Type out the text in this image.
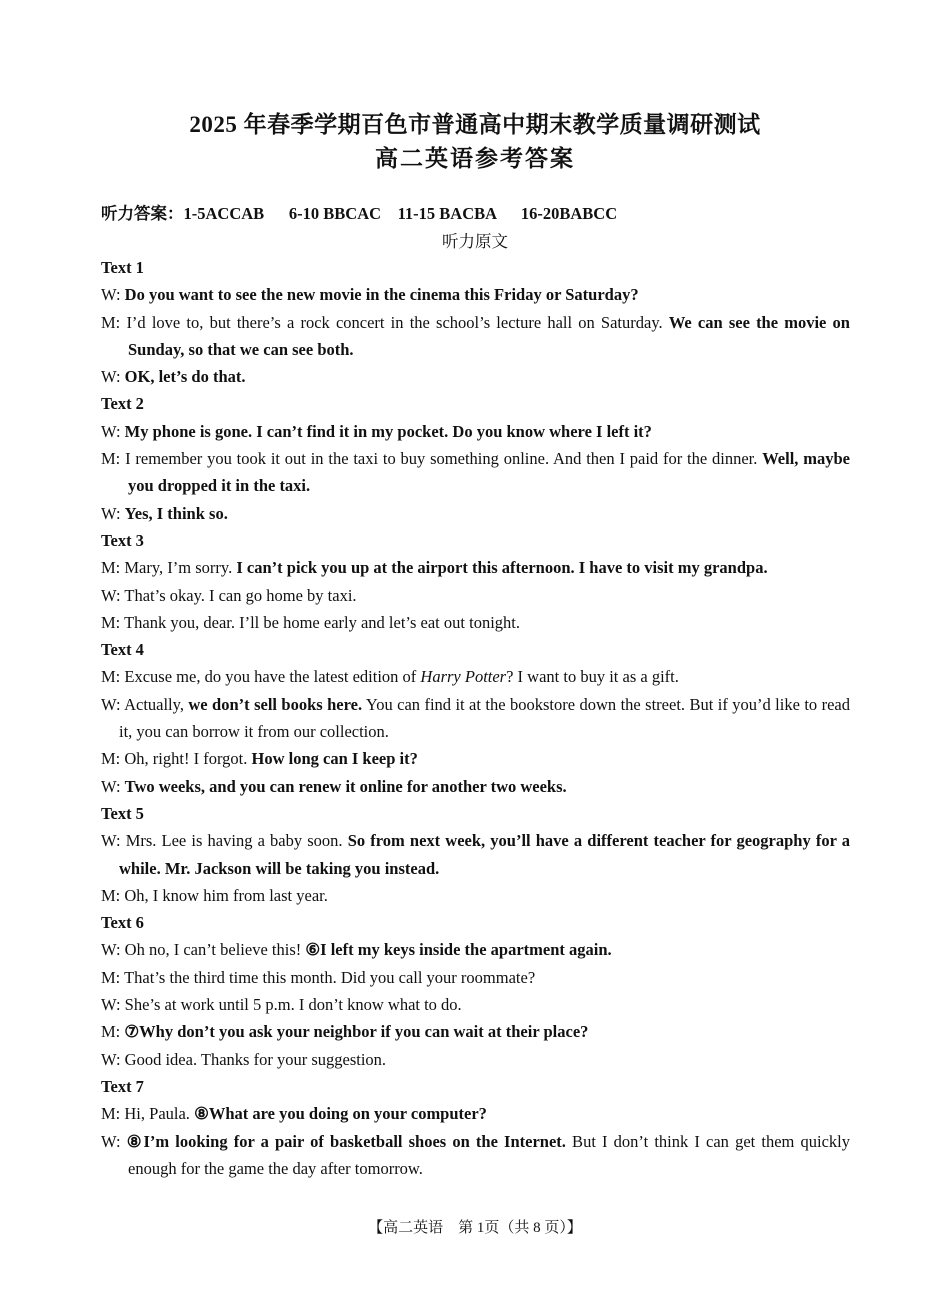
2025 年春季学期百色市普通高中期末教学质量调研测试
高二英语参考答案
听力答案：1-5ACCAB 6-10 BBCAC 11-15 BACBA 16-20BABCC
听力原文

Text 1

W: Do you want to see the new movie in the cinema this Friday or Saturday?

M: I’d love to, but there’s a rock concert in the school’s lecture hall on Saturday. We can see the movie on Sunday, so that we can see both.

W: OK, let’s do that.

Text 2

W: My phone is gone. I can’t find it in my pocket. Do you know where I left it?

M: I remember you took it out in the taxi to buy something online. And then I paid for the dinner. Well, maybe you dropped it in the taxi.

W: Yes, I think so.

Text 3

M: Mary, I’m sorry. I can’t pick you up at the airport this afternoon. I have to visit my grandpa.

W: That’s okay. I can go home by taxi.

M: Thank you, dear. I’ll be home early and let’s eat out tonight.

Text 4

M: Excuse me, do you have the latest edition of Harry Potter? I want to buy it as a gift.

W: Actually, we don’t sell books here. You can find it at the bookstore down the street. But if you’d like to read it, you can borrow it from our collection.

M: Oh, right! I forgot. How long can I keep it?

W: Two weeks, and you can renew it online for another two weeks.

Text 5

W: Mrs. Lee is having a baby soon. So from next week, you’ll have a different teacher for geography for a while. Mr. Jackson will be taking you instead.

M: Oh, I know him from last year.

Text 6

W: Oh no, I can’t believe this! ⑥I left my keys inside the apartment again.

M: That’s the third time this month. Did you call your roommate?

W: She’s at work until 5 p.m. I don’t know what to do.

M: ⑦Why don’t you ask your neighbor if you can wait at their place?

W: Good idea. Thanks for your suggestion.

Text 7

M: Hi, Paula. ⑧What are you doing on your computer?

W: ⑧I’m looking for a pair of basketball shoes on the Internet. But I don’t think I can get them quickly enough for the game the day after tomorrow.

【高二英语　第 1页（共 8 页）】
